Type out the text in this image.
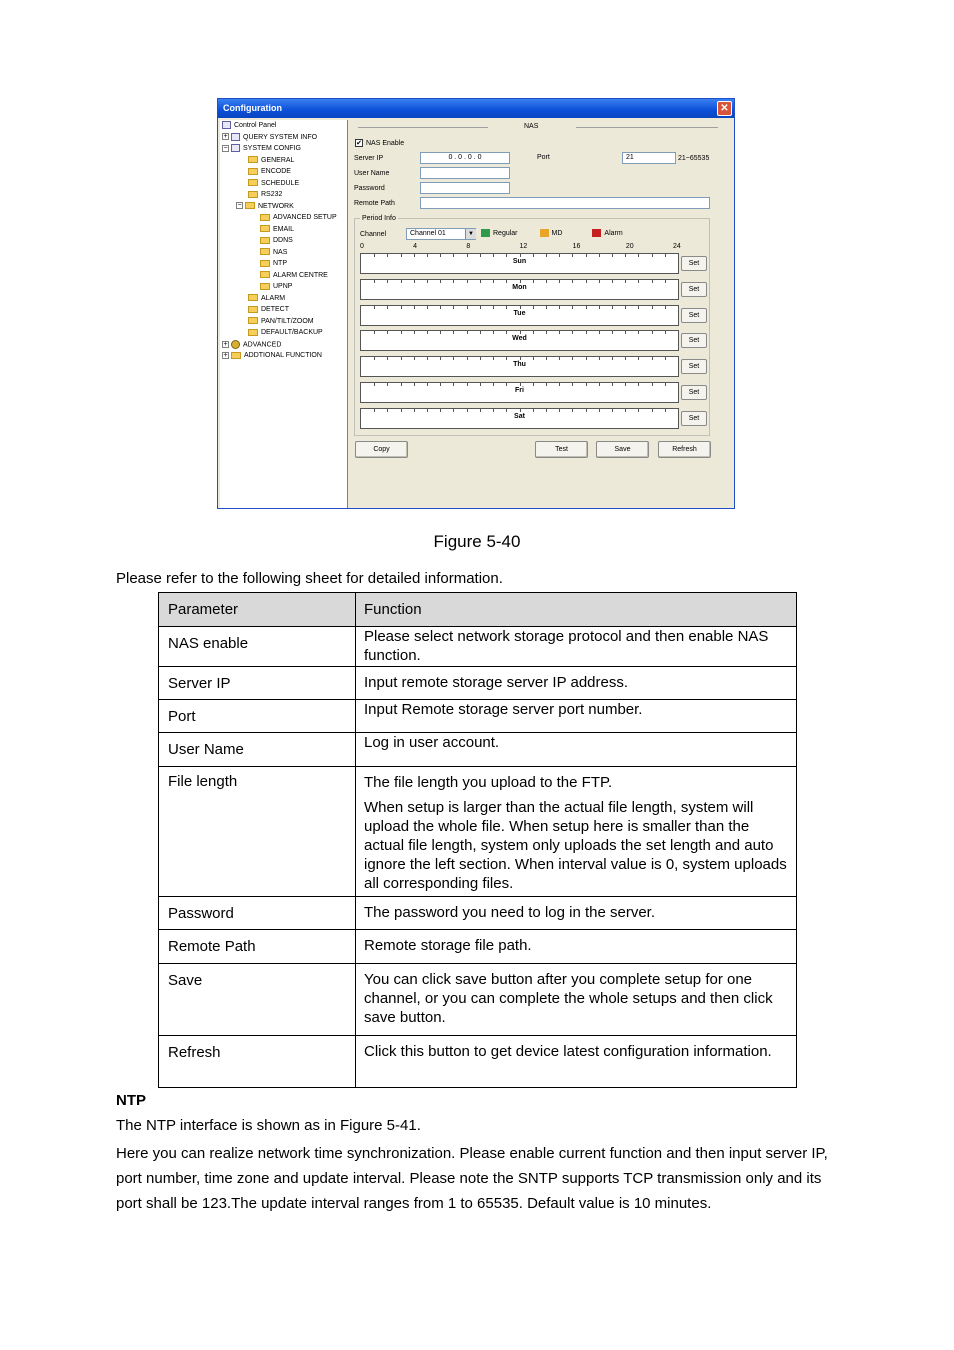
Configuration	✕
Control Panel
+ QUERY SYSTEM INFO
− SYSTEM CONFIG
GENERAL
ENCODE
SCHEDULE
RS232
− NETWORK
ADVANCED SETUP
EMAIL
DDNS
NAS
NTP
ALARM CENTRE
UPNP
ALARM
DETECT
PAN/TILT/ZOOM
DEFAULT/BACKUP
+ ADVANCED
+ ADDTIONAL FUNCTION
NAS
✔ NAS Enable
Server IP	0 . 0 . 0 . 0	Port	21	21~65535
User Name
Password
Remote Path
Period Info
Channel	Channel 01	▼	Regular	MD	Alarm
0	4	8	12	16	20	24
Sun	Set
Mon	Set
Tue	Set
Wed	Set
Thu	Set
Fri	Set
Sat	Set
Copy	Test	Save	Refresh
Figure 5-40
Please refer to the following sheet for detailed information.
Parameter	Function
NAS enable	Please select network storage protocol and then enable NAS function.

Server IP	Input remote storage server IP address.

Port	Input Remote storage server port number.

User Name	Log in user account.

File length	The file length you upload to the FTP.
When setup is larger than the actual file length, system will upload the whole file. When setup here is smaller than the actual file length, system only uploads the set length and auto ignore the left section. When interval value is 0, system uploads all corresponding files.

Password	The password you need to log in the server.

Remote Path	Remote storage file path.

Save	You can click save button after you complete setup for one channel, or you can complete the whole setups and then click save button.

Refresh	Click this button to get device latest configuration information.
NTP
The NTP interface is shown as in Figure 5-41.
Here you can realize network time synchronization. Please enable current function and then input server IP, port number, time zone and update interval. Please note the SNTP supports TCP transmission only and its port shall be 123.The update interval ranges from 1 to 65535. Default value is 10 minutes.
